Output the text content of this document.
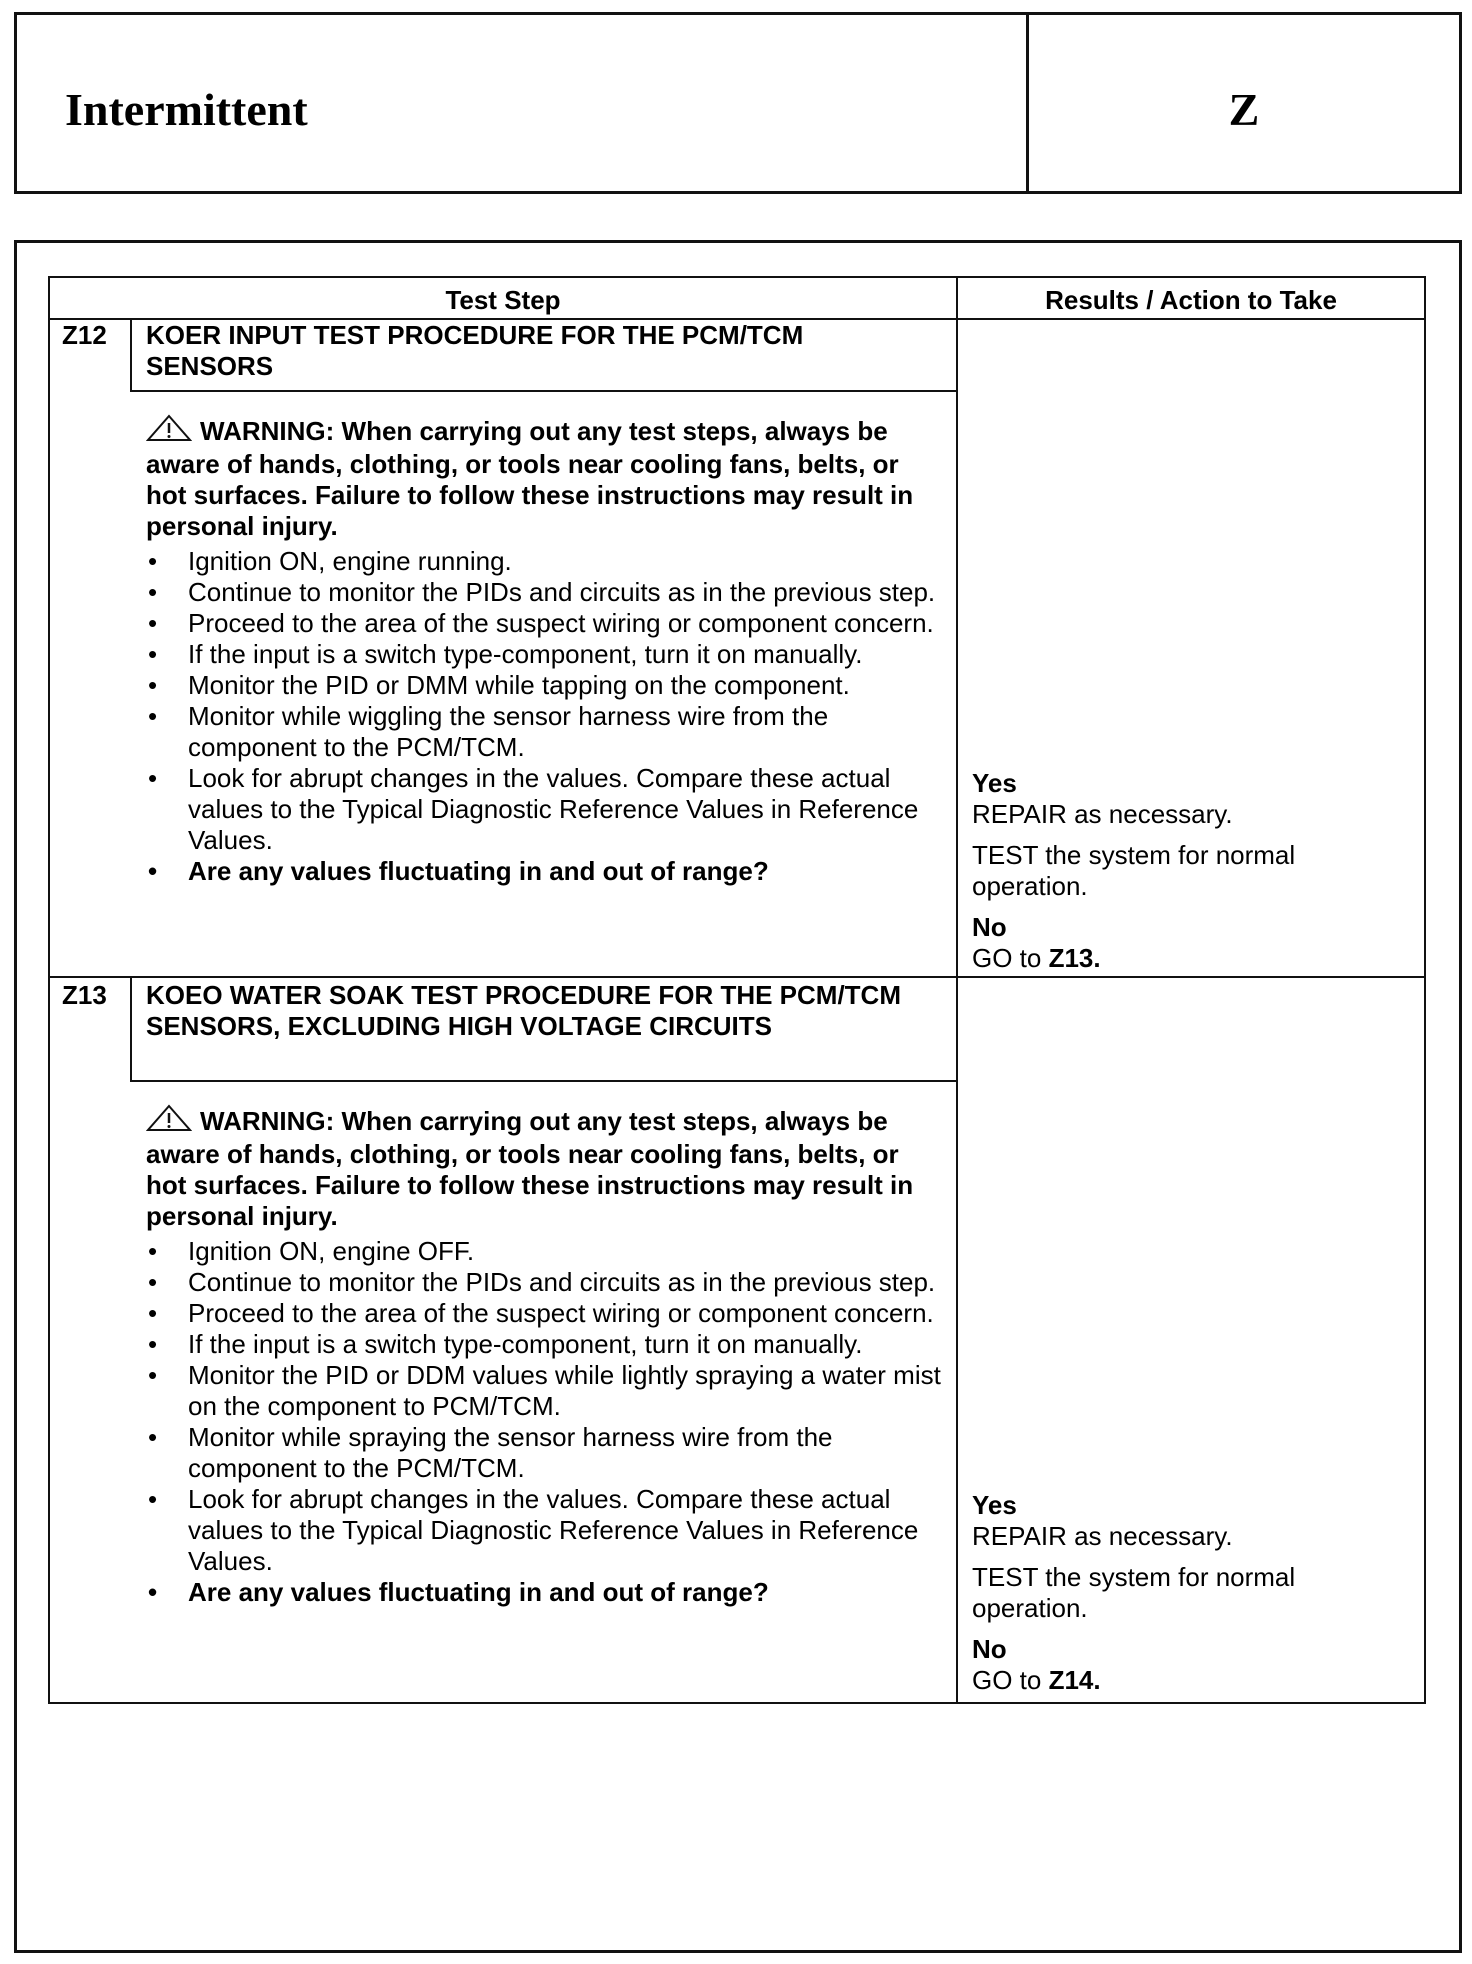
Intermittent	Z
Test Step	Results / Action to Take
Z12 KOER INPUT TEST PROCEDURE FOR THE PCM/TCM SENSORS
WARNING: When carrying out any test steps, always be aware of hands, clothing, or tools near cooling fans, belts, or hot surfaces. Failure to follow these instructions may result in personal injury.
• Ignition ON, engine running.
• Continue to monitor the PIDs and circuits as in the previous step.
• Proceed to the area of the suspect wiring or component concern.
• If the input is a switch type-component, turn it on manually.
• Monitor the PID or DMM while tapping on the component.
• Monitor while wiggling the sensor harness wire from the component to the PCM/TCM.
• Look for abrupt changes in the values. Compare these actual values to the Typical Diagnostic Reference Values in Reference Values.
• Are any values fluctuating in and out of range?
Yes
REPAIR as necessary.
TEST the system for normal operation.
No
GO to Z13.
Z13 KOEO WATER SOAK TEST PROCEDURE FOR THE PCM/TCM SENSORS, EXCLUDING HIGH VOLTAGE CIRCUITS
WARNING: When carrying out any test steps, always be aware of hands, clothing, or tools near cooling fans, belts, or hot surfaces. Failure to follow these instructions may result in personal injury.
• Ignition ON, engine OFF.
• Continue to monitor the PIDs and circuits as in the previous step.
• Proceed to the area of the suspect wiring or component concern.
• If the input is a switch type-component, turn it on manually.
• Monitor the PID or DDM values while lightly spraying a water mist on the component to PCM/TCM.
• Monitor while spraying the sensor harness wire from the component to the PCM/TCM.
• Look for abrupt changes in the values. Compare these actual values to the Typical Diagnostic Reference Values in Reference Values.
• Are any values fluctuating in and out of range?
Yes
REPAIR as necessary.
TEST the system for normal operation.
No
GO to Z14.
